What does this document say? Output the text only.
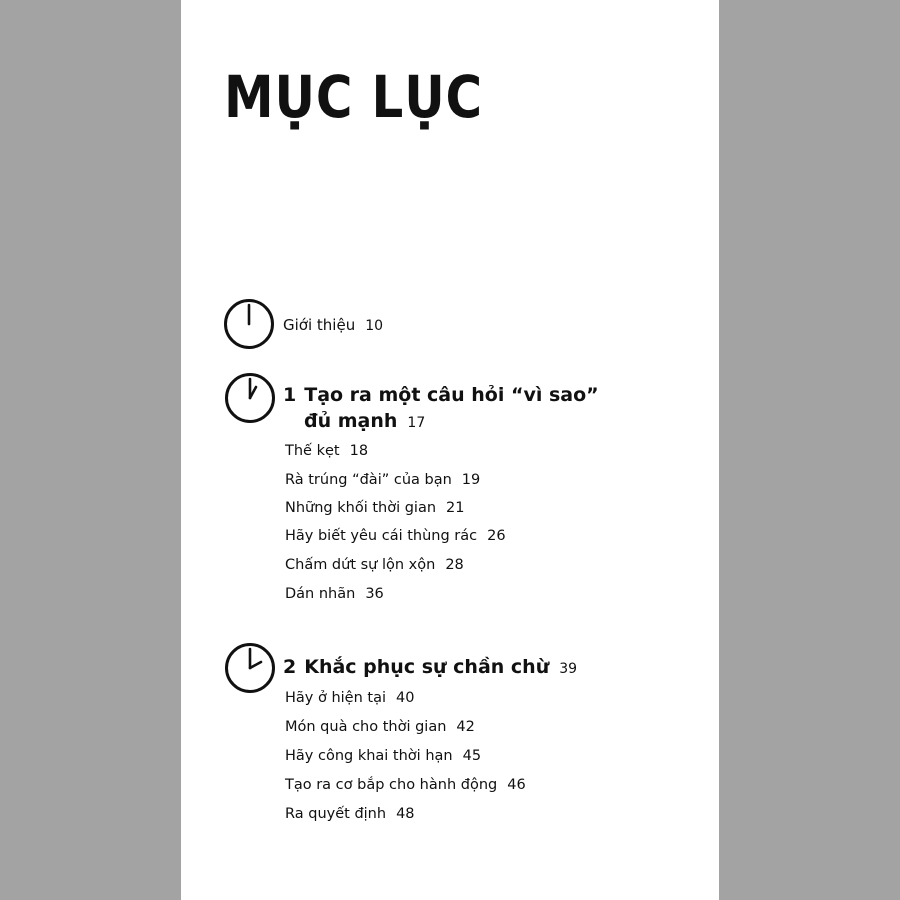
MỤC LỤC
Giới thiệu 10
1 Tạo ra một câu hỏi “vì sao”
đủ mạnh 17
Thế kẹt 18
Rà trúng “đài” của bạn 19
Những khối thời gian 21
Hãy biết yêu cái thùng rác 26
Chấm dứt sự lộn xộn 28
Dán nhãn 36
2 Khắc phục sự chần chừ 39
Hãy ở hiện tại 40
Món quà cho thời gian 42
Hãy công khai thời hạn 45
Tạo ra cơ bắp cho hành động 46
Ra quyết định 48
